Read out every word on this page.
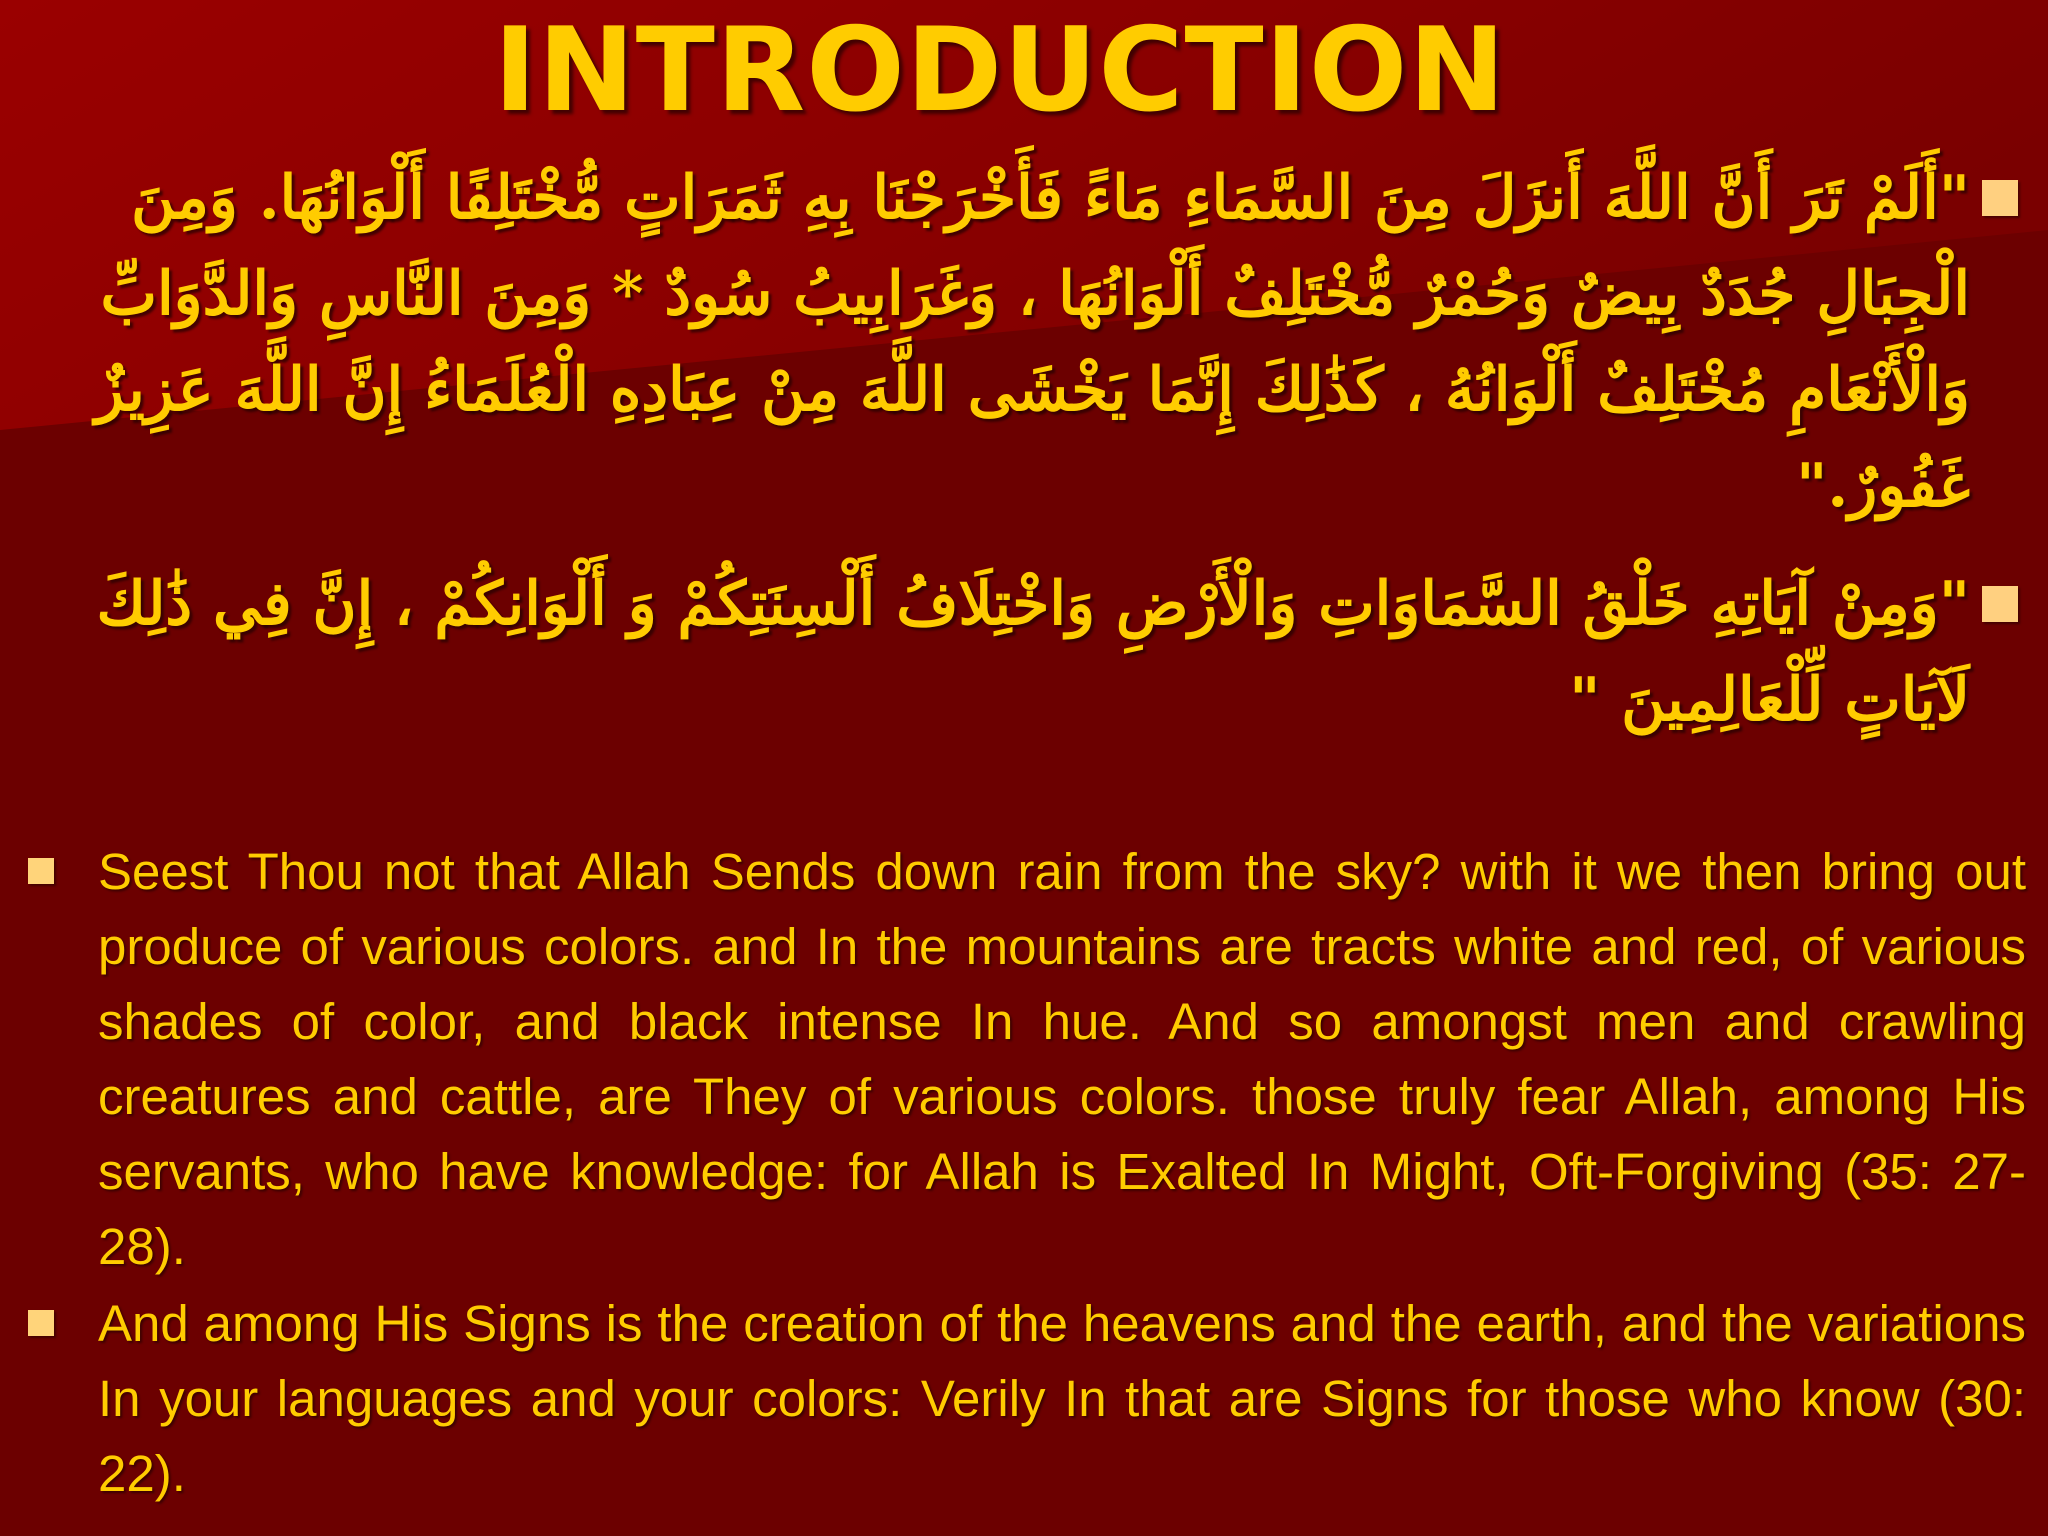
INTRODUCTION
"أَلَمْ تَرَ أَنَّ اللَّهَ أَنزَلَ مِنَ السَّمَاءِ مَاءً فَأَخْرَجْنَا بِهِ ثَمَرَاتٍ مُّخْتَلِفًا أَلْوَانُهَا. وَمِنَ الْجِبَالِ جُدَدٌ بِيضٌ وَحُمْرٌ مُّخْتَلِفٌ أَلْوَانُهَا ، وَغَرَابِيبُ سُودٌ * وَمِنَ النَّاسِ وَالدَّوَابِّ وَالْأَنْعَامِ مُخْتَلِفٌ أَلْوَانُهُ ، كَذَٰلِكَ إِنَّمَا يَخْشَى اللَّهَ مِنْ عِبَادِهِ الْعُلَمَاءُ إِنَّ اللَّهَ عَزِيزٌ غَفُورٌ."
"وَمِنْ آيَاتِهِ خَلْقُ السَّمَاوَاتِ وَالْأَرْضِ وَاخْتِلَافُ أَلْسِنَتِكُمْ وَ أَلْوَانِكُمْ ، إِنَّ فِي ذَٰلِكَ لَآيَاتٍ لِّلْعَالِمِينَ "
Seest Thou not that Allah Sends down rain from the sky? with it we then bring out produce of various colors. and In the mountains are tracts white and red, of various shades of color, and black intense In hue. And so amongst men and crawling creatures and cattle, are They of various colors. those truly fear Allah, among His servants, who have knowledge: for Allah is Exalted In Might, Oft-Forgiving (35: 27-28).
And among His Signs is the creation of the heavens and the earth, and the variations In your languages and your colors: Verily In that are Signs for those who know (30: 22).
